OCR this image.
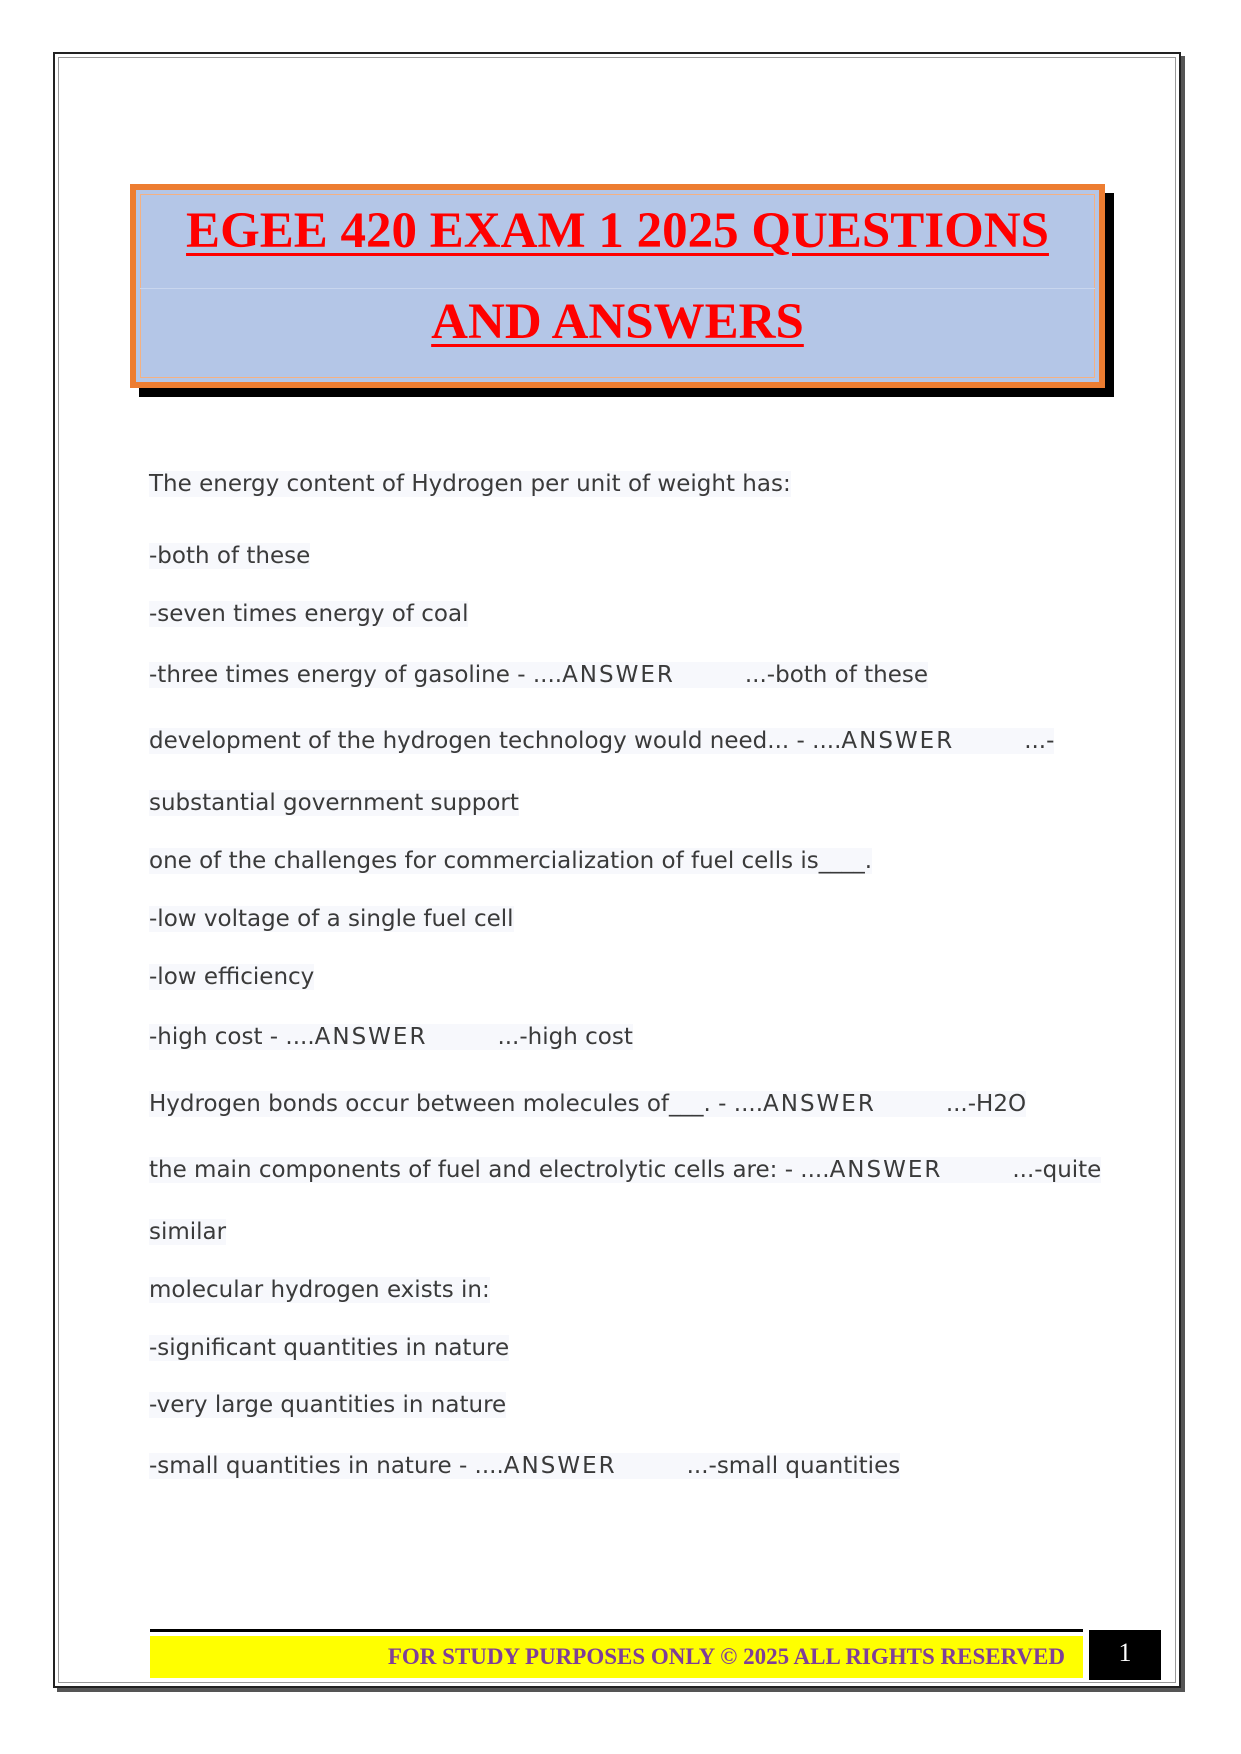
EGEE 420 EXAM 1 2025 QUESTIONS
AND ANSWERS
The energy content of Hydrogen per unit of weight has:
-both of these
-seven times energy of coal
-three times energy of gasoline - ....ANSWER	...-both of these
development of the hydrogen technology would need... - ....ANSWER	...-
substantial government support
one of the challenges for commercialization of fuel cells is____.
-low voltage of a single fuel cell
-low efficiency
-high cost - ....ANSWER	...-high cost
Hydrogen bonds occur between molecules of___. - ....ANSWER	...-H2O
the main components of fuel and electrolytic cells are: - ....ANSWER	...-quite
similar
molecular hydrogen exists in:
-significant quantities in nature
-very large quantities in nature
-small quantities in nature - ....ANSWER	...-small quantities
FOR STUDY PURPOSES ONLY © 2025 ALL RIGHTS RESERVED	1
